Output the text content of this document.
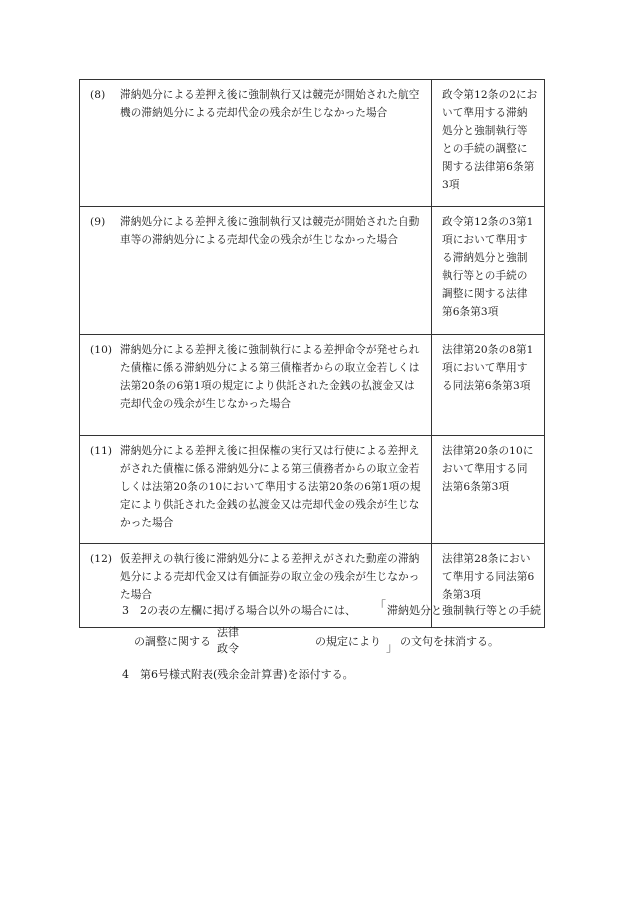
(8) 滞納処分による差押え後に強制執行又は競売が開始された航空機の滞納処分による売却代金の残余が生じなかった場合	政令第12条の2において準用する滞納処分と強制執行等との手続の調整に関する法律第6条第3項

(9) 滞納処分による差押え後に強制執行又は競売が開始された自動車等の滞納処分による売却代金の残余が生じなかった場合	政令第12条の3第1項において準用する滞納処分と強制執行等との手続の調整に関する法律第6条第3項

(10) 滞納処分による差押え後に強制執行による差押命令が発せられた債権に係る滞納処分による第三債権者からの取立金若しくは法第20条の6第1項の規定により供託された金銭の払渡金又は売却代金の残余が生じなかった場合	法律第20条の8第1項において準用する同法第6条第3項

(11) 滞納処分による差押え後に担保権の実行又は行使による差押えがされた債権に係る滞納処分による第三債務者からの取立金若しくは法第20条の10において準用する法第20条の6第1項の規定により供託された金銭の払渡金又は売却代金の残余が生じなかった場合	法律第20条の10において準用する同法第6条第3項

(12) 仮差押えの執行後に滞納処分による差押えがされた動産の滞納処分による売却代金又は有価証券の取立金の残余が生じなかった場合	法律第28条において準用する同法第6条第3項
3　2の表の左欄に掲げる場合以外の場合には、 「 滞納処分と強制執行等との手続
の調整に関する
法律
政令
の規定により 」 の文句を抹消する。
4　第6号様式附表(残余金計算書)を添付する。
